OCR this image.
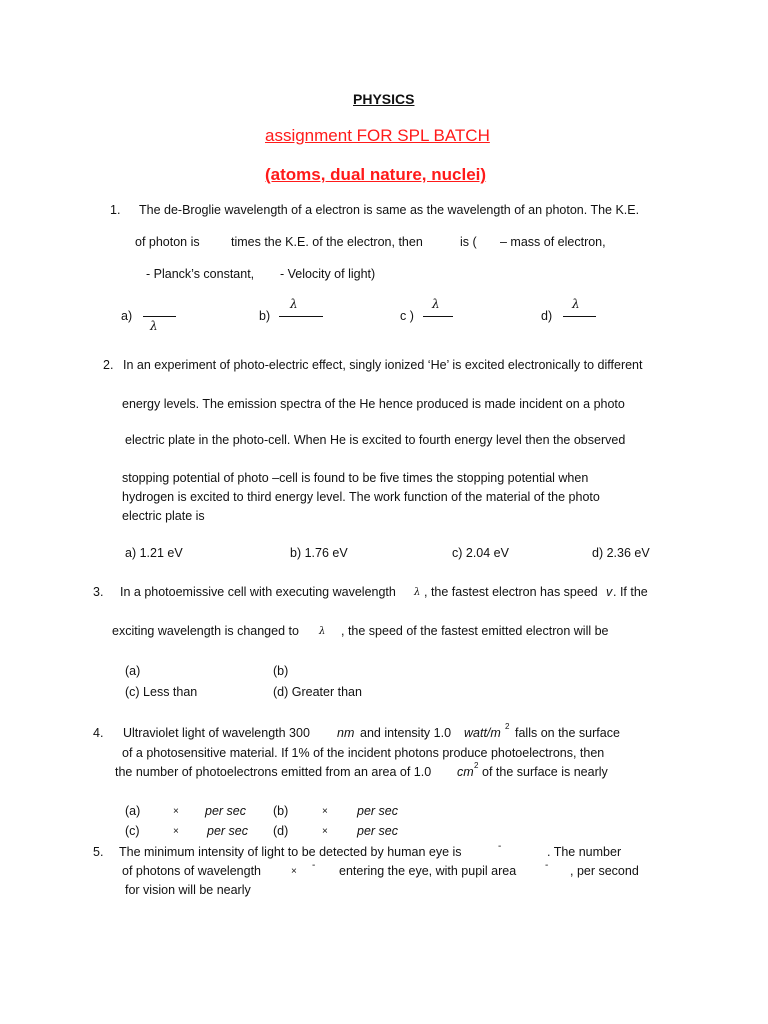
PHYSICS
assignment FOR SPL BATCH
(atoms, dual nature, nuclei)
1. The de-Broglie wavelength of a electron is same as the wavelength of an photon. The K.E.
of photon is	times the K.E. of the electron, then	is ( – mass of electron,
- Planck’s constant, - Velocity of light)
a)
λ
b)
λ
c )
λ
d)
λ
2. In an experiment of photo-electric effect, singly ionized ‘He’ is excited electronically to different
energy levels. The emission spectra of the He hence produced is made incident on a photo
electric plate in the photo-cell. When He is excited to fourth energy level then the observed
stopping potential of photo –cell is found to be five times the stopping potential when
hydrogen is excited to third energy level. The work function of the material of the photo
electric plate is
a) 1.21 eV	b) 1.76 eV	c) 2.04 eV	d) 2.36 eV
3. In a photoemissive cell with executing wavelength λ , the fastest electron has speed v . If the
exciting wavelength is changed to λ , the speed of the fastest emitted electron will be
(a)	(b)
(c) Less than	(d) Greater than
4. Ultraviolet light of wavelength 300 nm and intensity 1.0 watt/m 2 falls on the surface
of a photosensitive material. If 1% of the incident photons produce photoelectrons, then
the number of photoelectrons emitted from an area of 1.0 cm 2 of the surface is nearly
(a)	× per sec (b)	× per sec
(c)	× per sec (d)	× per sec
5. The minimum intensity of light to be detected by human eye is	-	. The number
of photons of wavelength	×
- entering the eye, with pupil area	- , per second
for vision will be nearly
